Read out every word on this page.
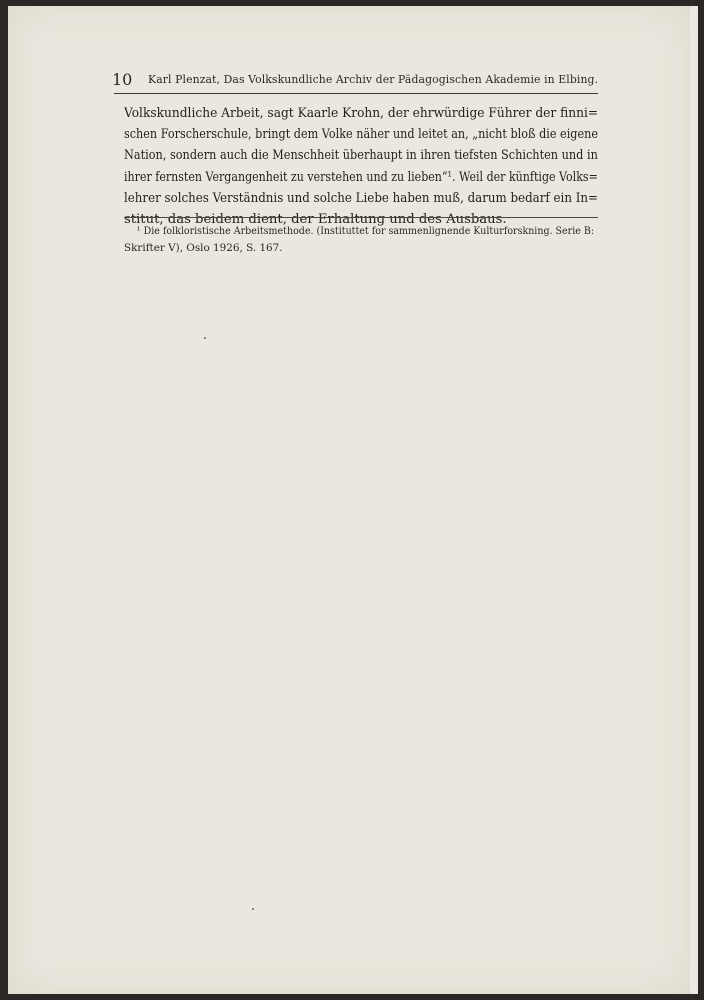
10 Karl Plenzat, Das Volkskundliche Archiv der Pädagogischen Akademie in Elbing.
Volkskundliche Arbeit, sagt Kaarle Krohn, der ehrwürdige Führer der finni=
schen Forscherschule, bringt dem Volke näher und leitet an, „nicht bloß die eigene
Nation, sondern auch die Menschheit überhaupt in ihren tiefsten Schichten und in
ihrer fernsten Vergangenheit zu verstehen und zu lieben“¹. Weil der künftige Volks=
lehrer solches Verständnis und solche Liebe haben muß, darum bedarf ein In=
stitut, das beidem dient, der Erhaltung und des Ausbaus.
¹ Die folkloristische Arbeitsmethode. (Instituttet for sammenlignende Kulturforskning. Serie B:
Skrifter V), Oslo 1926, S. 167.
